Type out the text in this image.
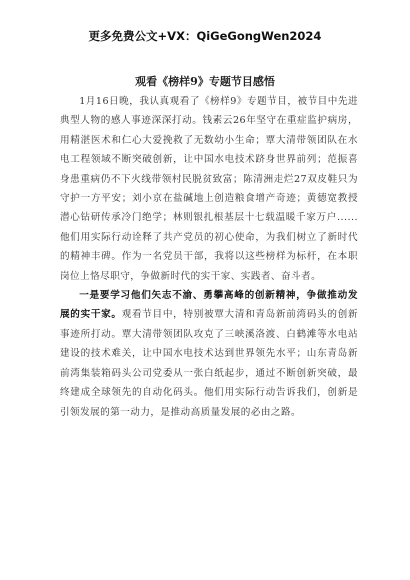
更多免费公文+VX：QiGeGongWen2024
观看《榜样9》专题节目感悟

1月16日晚，我认真观看了《榜样9》专题节目，被节目中先进典型人物的感人事迹深深打动。钱素云26年坚守在重症监护病房，用精湛医术和仁心大爱挽救了无数幼小生命；覃大清带领团队在水电工程领域不断突破创新，让中国水电技术跻身世界前列；范振喜身患重病仍不下火线带领村民脱贫致富；陈清洲走烂27双皮鞋只为守护一方平安；刘小京在盐碱地上创造粮食增产奇迹；黄德宽教授潜心钻研传承冷门绝学；林则银扎根基层十七载温暖千家万户......他们用实际行动诠释了共产党员的初心使命，为我们树立了新时代的精神丰碑。作为一名党员干部，我将以这些榜样为标杆，在本职岗位上恪尽职守，争做新时代的实干家、实践者、奋斗者。

一是要学习他们矢志不渝、勇攀高峰的创新精神，争做推动发展的实干家。观看节目中，特别被覃大清和青岛新前湾码头的创新事迹所打动。覃大清带领团队攻克了三峡溪洛渡、白鹤滩等水电站建设的技术难关，让中国水电技术达到世界领先水平；山东青岛新前湾集装箱码头公司党委从一张白纸起步，通过不断创新突破，最终建成全球领先的自动化码头。他们用实际行动告诉我们，创新是引领发展的第一动力，是推动高质量发展的必由之路。
